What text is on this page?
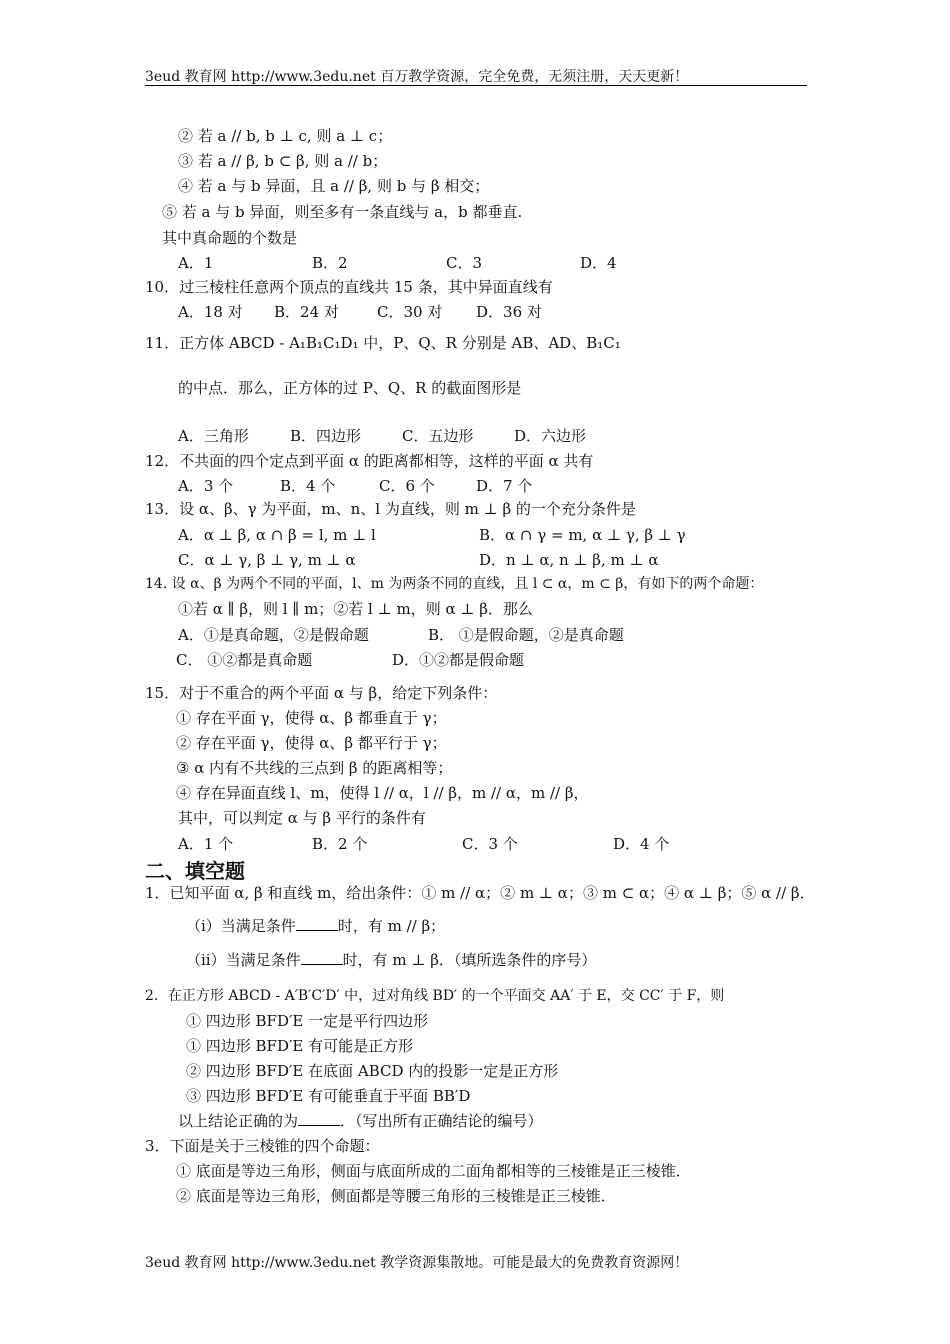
3eud 教育网 http://www.3edu.net 百万教学资源，完全免费，无须注册，天天更新！
② 若 a // b, b ⊥ c, 则 a ⊥ c；
③ 若 a // β, b ⊂ β, 则 a // b；
④ 若 a 与 b 异面，且 a // β, 则 b 与 β 相交；
⑤ 若 a 与 b 异面，则至多有一条直线与 a，b 都垂直.
其中真命题的个数是
A．1	B．2	C．3	D．4
10．过三棱柱任意两个顶点的直线共 15 条，其中异面直线有
A．18 对 B．24 对	C．30 对 D．36 对
11．正方体 ABCD - A₁B₁C₁D₁ 中，P、Q、R 分别是 AB、AD、B₁C₁
的中点．那么，正方体的过 P、Q、R 的截面图形是
A．三角形	B．四边形	C．五边形	D．六边形
12．不共面的四个定点到平面 α 的距离都相等，这样的平面 α 共有
A．3 个	B．4 个	C．6 个	D．7 个
13．设 α、β、γ 为平面，m、n、l 为直线，则 m ⊥ β 的一个充分条件是
A．α ⊥ β, α ∩ β = l, m ⊥ l	B．α ∩ γ = m, α ⊥ γ, β ⊥ γ
C．α ⊥ γ, β ⊥ γ, m ⊥ α	D．n ⊥ α, n ⊥ β, m ⊥ α
14. 设 α、β 为两个不同的平面，l、m 为两条不同的直线，且 l ⊂ α，m ⊂ β，有如下的两个命题：
①若 α ∥ β，则 l ∥ m；②若 l ⊥ m，则 α ⊥ β．那么
A．①是真命题，②是假命题	B． ①是假命题，②是真命题
C． ①②都是真命题	D．①②都是假命题
15．对于不重合的两个平面 α 与 β，给定下列条件：
① 存在平面 γ，使得 α、β 都垂直于 γ；
② 存在平面 γ，使得 α、β 都平行于 γ；
③ α 内有不共线的三点到 β 的距离相等；
④ 存在异面直线 l、m，使得 l // α，l // β，m // α，m // β，
其中，可以判定 α 与 β 平行的条件有
A．1 个	B．2 个	C．3 个	D．4 个
二、填空题
1．已知平面 α, β 和直线 m，给出条件：① m // α；② m ⊥ α；③ m ⊂ α；④ α ⊥ β；⑤ α // β．
（i）当满足条件	时，有 m // β；
（ii）当满足条件	时，有 m ⊥ β．（填所选条件的序号）
2．在正方形 ABCD - A′B′C′D′ 中，过对角线 BD′ 的一个平面交 AA′ 于 E，交 CC′ 于 F，则
① 四边形 BFD′E 一定是平行四边形
① 四边形 BFD′E 有可能是正方形
② 四边形 BFD′E 在底面 ABCD 内的投影一定是正方形
③ 四边形 BFD′E 有可能垂直于平面 BB′D
以上结论正确的为	．（写出所有正确结论的编号）
3．下面是关于三棱锥的四个命题：
① 底面是等边三角形，侧面与底面所成的二面角都相等的三棱锥是正三棱锥．
② 底面是等边三角形，侧面都是等腰三角形的三棱锥是正三棱锥．
3eud 教育网 http://www.3edu.net 教学资源集散地。可能是最大的免费教育资源网！
